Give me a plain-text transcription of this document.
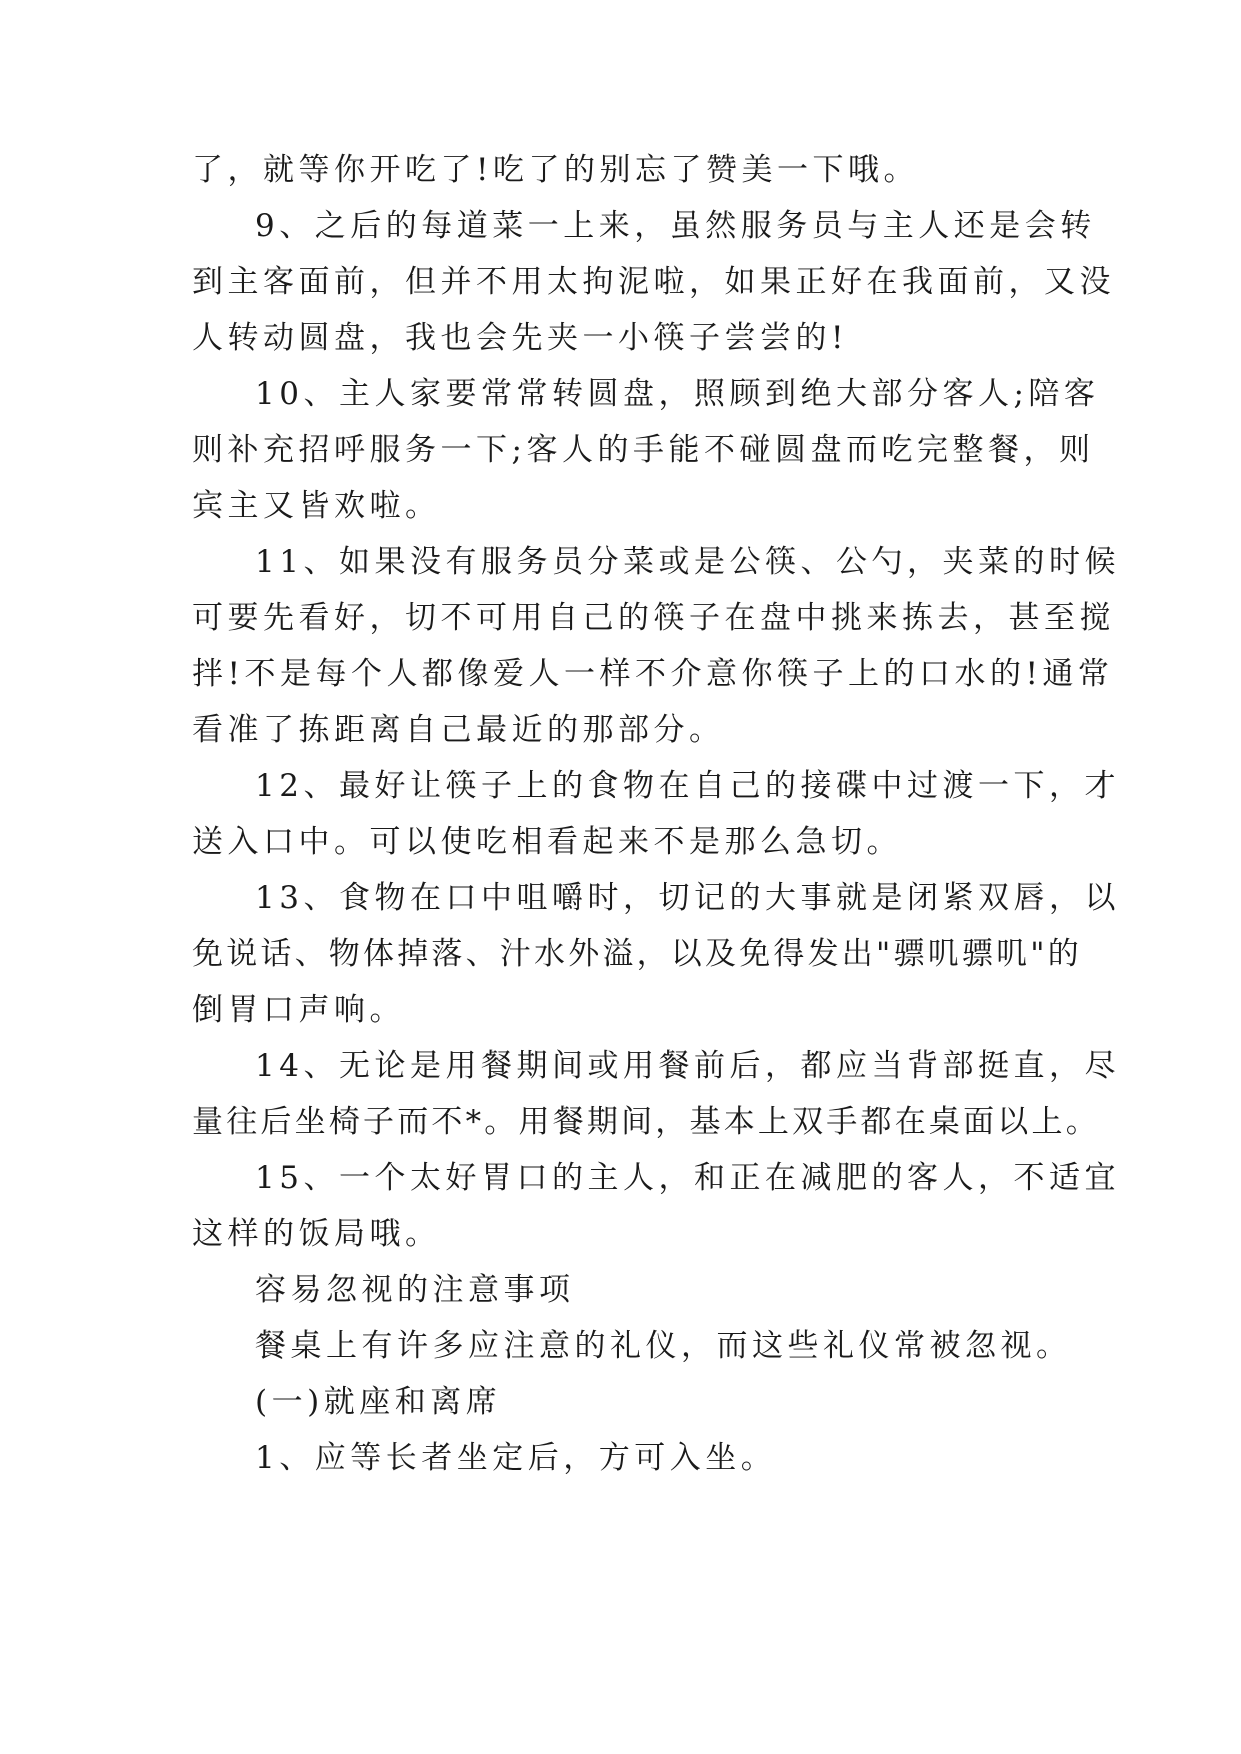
了，就等你开吃了!吃了的别忘了赞美一下哦。

9、之后的每道菜一上来，虽然服务员与主人还是会转

到主客面前，但并不用太拘泥啦，如果正好在我面前，又没

人转动圆盘，我也会先夹一小筷子尝尝的!

10、主人家要常常转圆盘，照顾到绝大部分客人;陪客

则补充招呼服务一下;客人的手能不碰圆盘而吃完整餐，则

宾主又皆欢啦。

11、如果没有服务员分菜或是公筷、公勺，夹菜的时候

可要先看好，切不可用自己的筷子在盘中挑来拣去，甚至搅

拌!不是每个人都像爱人一样不介意你筷子上的口水的!通常

看准了拣距离自己最近的那部分。

12、最好让筷子上的食物在自己的接碟中过渡一下，才

送入口中。可以使吃相看起来不是那么急切。

13、食物在口中咀嚼时，切记的大事就是闭紧双唇，以

免说话、物体掉落、汁水外溢，以及免得发出"骠叽骠叽"的

倒胃口声响。

14、无论是用餐期间或用餐前后，都应当背部挺直，尽

量往后坐椅子而不*。用餐期间，基本上双手都在桌面以上。

15、一个太好胃口的主人，和正在减肥的客人，不适宜

这样的饭局哦。

容易忽视的注意事项

餐桌上有许多应注意的礼仪，而这些礼仪常被忽视。

(一)就座和离席

1、应等长者坐定后，方可入坐。
